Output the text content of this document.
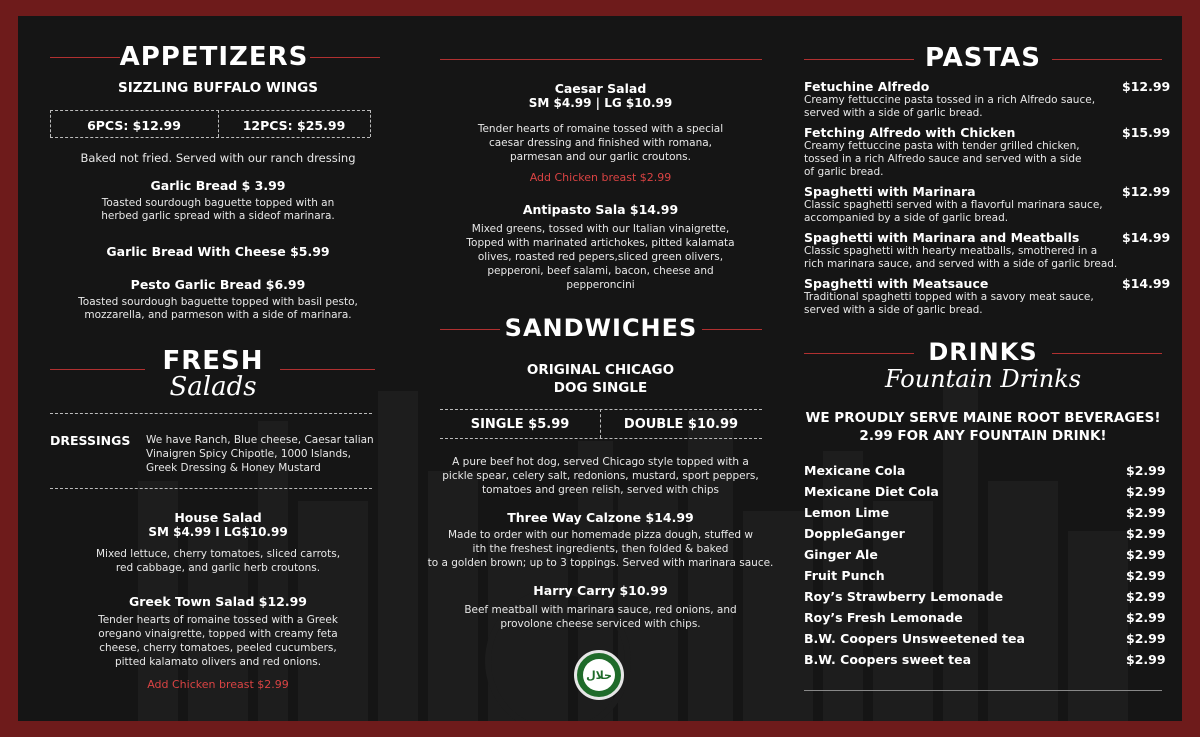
APPETIZERS
SIZZLING BUFFALO WINGS
6PCS: $12.99	12PCS: $25.99
Baked not fried. Served with our ranch dressing
Garlic Bread $ 3.99
Toasted sourdough baguette topped with an
herbed garlic spread with a sideof marinara.
Garlic Bread With Cheese $5.99
Pesto Garlic Bread $6.99
Toasted sourdough baguette topped with basil pesto,
mozzarella, and parmeson with a side of marinara.
FRESH
Salads
DRESSINGS We have Ranch, Blue cheese, Caesar talian
Vinaigren Spicy Chipotle, 1000 Islands,
Greek Dressing & Honey Mustard
House Salad
SM $4.99 I LG$10.99
Mixed lettuce, cherry tomatoes, sliced carrots,
red cabbage, and garlic herb croutons.
Greek Town Salad $12.99
Tender hearts of romaine tossed with a Greek
oregano vinaigrette, topped with creamy feta
cheese, cherry tomatoes, peeled cucumbers,
pitted kalamato olivers and red onions.
Add Chicken breast $2.99
Caesar Salad
SM $4.99 | LG $10.99
Tender hearts of romaine tossed with a special
caesar dressing and finished with romana,
parmesan and our garlic croutons.
Add Chicken breast $2.99
Antipasto Sala $14.99
Mixed greens, tossed with our Italian vinaigrette,
Topped with marinated artichokes, pitted kalamata
olives, roasted red pepers,sliced green olivers,
pepperoni, beef salami, bacon, cheese and
pepperoncini
SANDWICHES
ORIGINAL CHICAGO
DOG SINGLE
SINGLE $5.99	DOUBLE $10.99
A pure beef hot dog, served Chicago style topped with a
pickle spear, celery salt, redonions, mustard, sport peppers,
tomatoes and green relish, served with chips
Three Way Calzone $14.99
Made to order with our homemade pizza dough, stuffed w
ith the freshest ingredients, then folded & baked
to a golden brown; up to 3 toppings. Served with marinara sauce.
Harry Carry $10.99
Beef meatball with marinara sauce, red onions, and
provolone cheese serviced with chips.
حلال
PASTAS
Fetuchine Alfredo	$12.99
Creamy fettuccine pasta tossed in a rich Alfredo sauce,
served with a side of garlic bread.
Fetching Alfredo with Chicken	$15.99
Creamy fettuccine pasta with tender grilled chicken,
tossed in a rich Alfredo sauce and served with a side
of garlic bread.
Spaghetti with Marinara	$12.99
Classic spaghetti served with a flavorful marinara sauce,
accompanied by a side of garlic bread.
Spaghetti with Marinara and Meatballs	$14.99
Classic spaghetti with hearty meatballs, smothered in a
rich marinara sauce, and served with a side of garlic bread.
Spaghetti with Meatsauce	$14.99
Traditional spaghetti topped with a savory meat sauce,
served with a side of garlic bread.
DRINKS
Fountain Drinks
WE PROUDLY SERVE MAINE ROOT BEVERAGES!
2.99 FOR ANY FOUNTAIN DRINK!
Mexicane Cola	$2.99
Mexicane Diet Cola	$2.99
Lemon Lime	$2.99
DoppleGanger	$2.99
Ginger Ale	$2.99
Fruit Punch	$2.99
Roy’s Strawberry Lemonade	$2.99
Roy’s Fresh Lemonade	$2.99
B.W. Coopers Unsweetened tea	$2.99
B.W. Coopers sweet tea	$2.99
